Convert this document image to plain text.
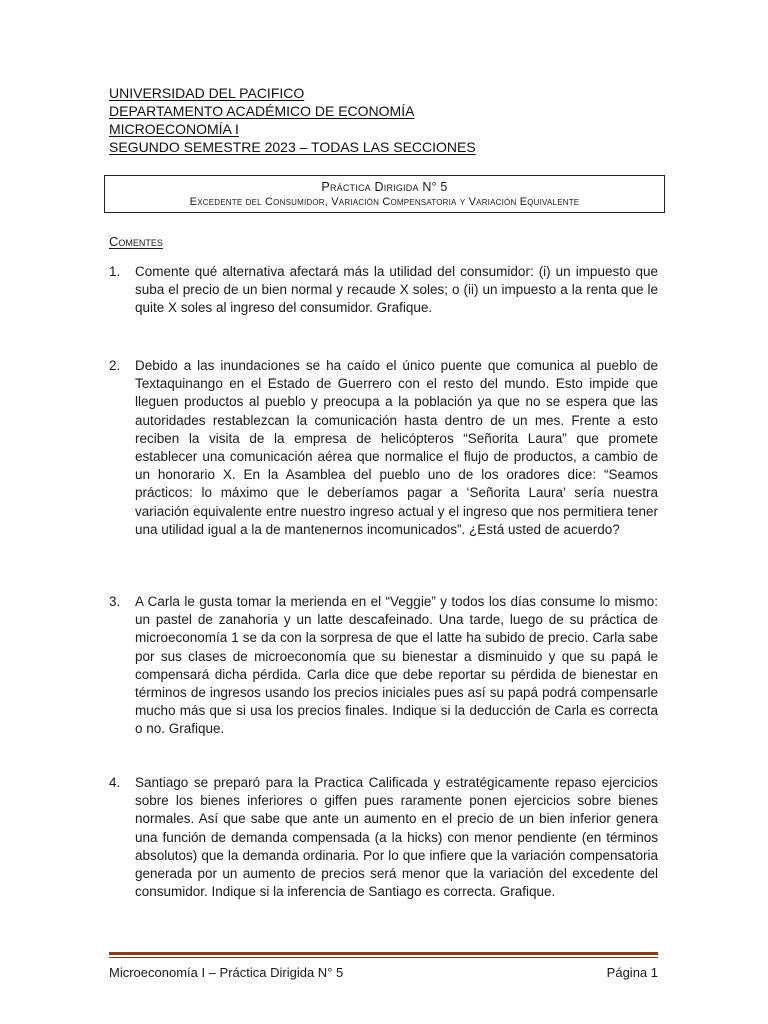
UNIVERSIDAD DEL PACIFICO
DEPARTAMENTO ACADÉMICO DE ECONOMÍA
MICROECONOMÍA I
SEGUNDO SEMESTRE 2023 – TODAS LAS SECCIONES
Práctica Dirigida N° 5
Excedente del Consumidor, Variación Compensatoria y Variación Equivalente
Comentes
1.	Comente qué alternativa afectará más la utilidad del consumidor: (i) un impuesto que suba el precio de un bien normal y recaude X soles; o (ii) un impuesto a la renta que le quite X soles al ingreso del consumidor. Grafique.
2.	Debido a las inundaciones se ha caído el único puente que comunica al pueblo de Textaquinango en el Estado de Guerrero con el resto del mundo. Esto impide que lleguen productos al pueblo y preocupa a la población ya que no se espera que las autoridades restablezcan la comunicación hasta dentro de un mes. Frente a esto reciben la visita de la empresa de helicópteros “Señorita Laura” que promete establecer una comunicación aérea que normalice el flujo de productos, a cambio de un honorario X. En la Asamblea del pueblo uno de los oradores dice: “Seamos prácticos: lo máximo que le deberíamos pagar a ‘Señorita Laura’ sería nuestra variación equivalente entre nuestro ingreso actual y el ingreso que nos permitiera tener una utilidad igual a la de mantenernos incomunicados”. ¿Está usted de acuerdo?
3.	A Carla le gusta tomar la merienda en el “Veggie” y todos los días consume lo mismo: un pastel de zanahoria y un latte descafeinado. Una tarde, luego de su práctica de microeconomía 1 se da con la sorpresa de que el latte ha subido de precio. Carla sabe por sus clases de microeconomía que su bienestar a disminuido y que su papá le compensará dicha pérdida. Carla dice que debe reportar su pérdida de bienestar en términos de ingresos usando los precios iniciales pues así su papá podrá compensarle mucho más que si usa los precios finales. Indique si la deducción de Carla es correcta o no. Grafique.
4.	Santiago se preparó para la Practica Calificada y estratégicamente repaso ejercicios sobre los bienes inferiores o giffen pues raramente ponen ejercicios sobre bienes normales. Así que sabe que ante un aumento en el precio de un bien inferior genera una función de demanda compensada (a la hicks) con menor pendiente (en términos absolutos) que la demanda ordinaria. Por lo que infiere que la variación compensatoria generada por un aumento de precios será menor que la variación del excedente del consumidor. Indique si la inferencia de Santiago es correcta. Grafique.
Microeconomía I – Práctica Dirigida N° 5	Página 1
